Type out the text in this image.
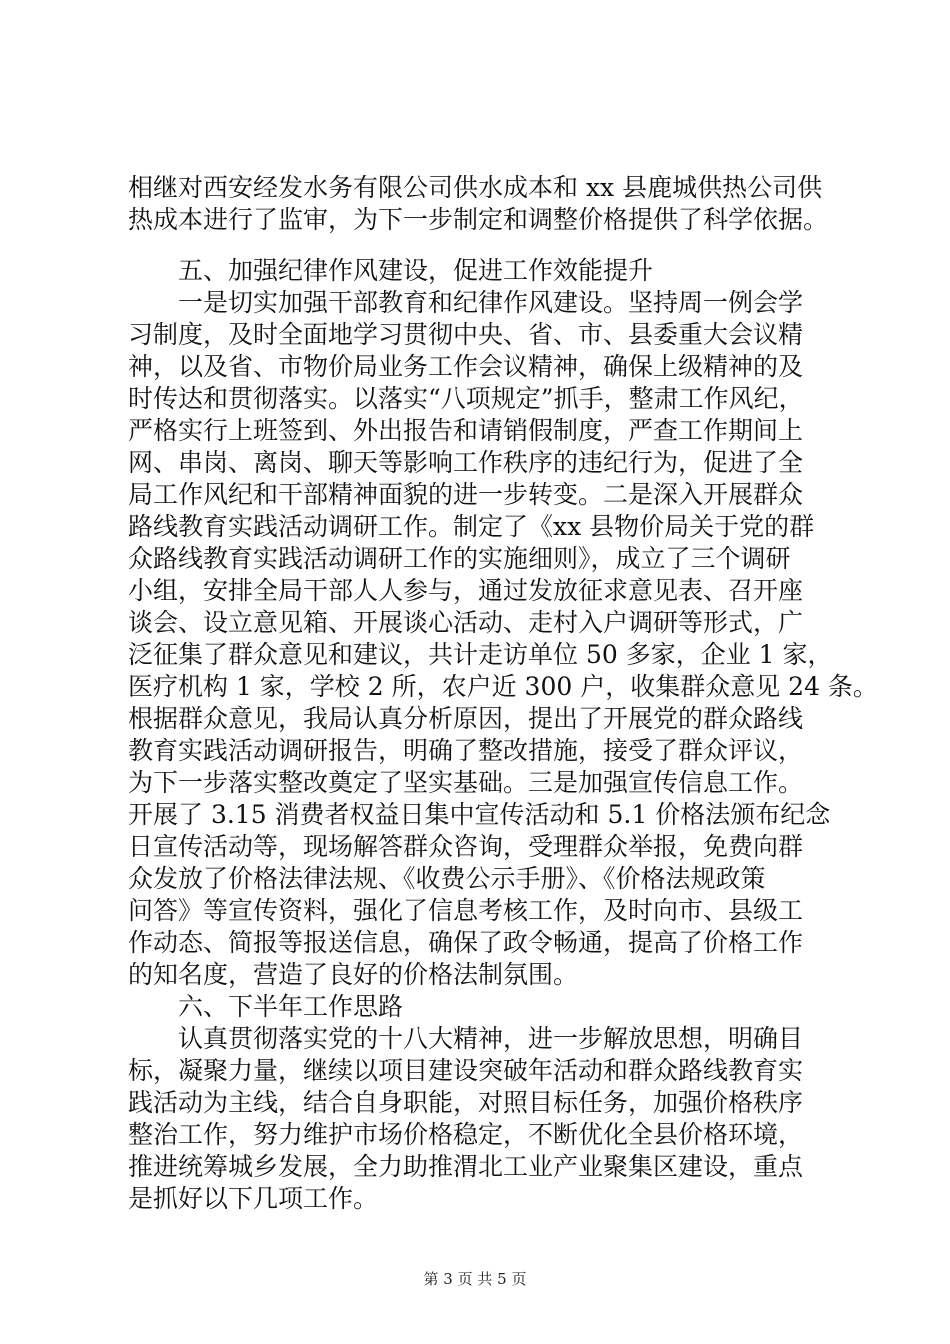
相继对西安经发水务有限公司供水成本和 xx 县鹿城供热公司供
热成本进行了监审，为下一步制定和调整价格提供了科学依据。
　　五、加强纪律作风建设，促进工作效能提升
　　一是切实加强干部教育和纪律作风建设。坚持周一例会学
习制度，及时全面地学习贯彻中央、省、市、县委重大会议精
神，以及省、市物价局业务工作会议精神，确保上级精神的及
时传达和贯彻落实。以落实“八项规定”抓手，整肃工作风纪，
严格实行上班签到、外出报告和请销假制度，严查工作期间上
网、串岗、离岗、聊天等影响工作秩序的违纪行为，促进了全
局工作风纪和干部精神面貌的进一步转变。二是深入开展群众
路线教育实践活动调研工作。制定了《xx 县物价局关于党的群
众路线教育实践活动调研工作的实施细则》，成立了三个调研
小组，安排全局干部人人参与，通过发放征求意见表、召开座
谈会、设立意见箱、开展谈心活动、走村入户调研等形式，广
泛征集了群众意见和建议，共计走访单位 50 多家，企业 1 家，
医疗机构 1 家，学校 2 所，农户近 300 户，收集群众意见 24 条。
根据群众意见，我局认真分析原因，提出了开展党的群众路线
教育实践活动调研报告，明确了整改措施，接受了群众评议，
为下一步落实整改奠定了坚实基础。三是加强宣传信息工作。
开展了 3.15 消费者权益日集中宣传活动和 5.1 价格法颁布纪念
日宣传活动等，现场解答群众咨询，受理群众举报，免费向群
众发放了价格法律法规、《收费公示手册》、《价格法规政策
问答》等宣传资料，强化了信息考核工作，及时向市、县级工
作动态、简报等报送信息，确保了政令畅通，提高了价格工作
的知名度，营造了良好的价格法制氛围。
　　六、下半年工作思路
　　认真贯彻落实党的十八大精神，进一步解放思想，明确目
标，凝聚力量，继续以项目建设突破年活动和群众路线教育实
践活动为主线，结合自身职能，对照目标任务，加强价格秩序
整治工作，努力维护市场价格稳定，不断优化全县价格环境，
推进统筹城乡发展，全力助推渭北工业产业聚集区建设，重点
是抓好以下几项工作。
第 3 页 共 5 页
